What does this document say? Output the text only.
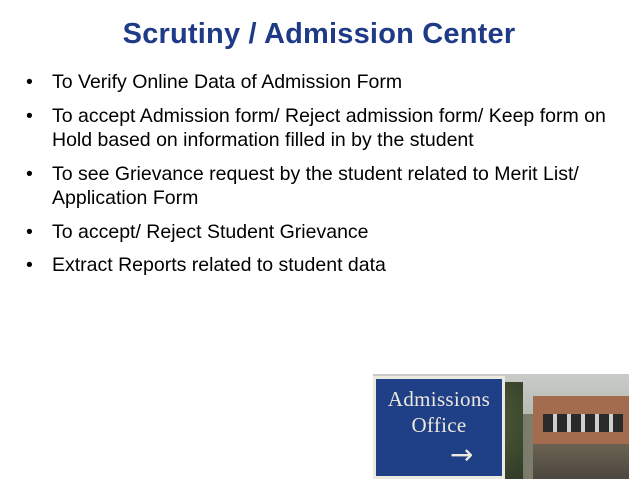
Scrutiny / Admission Center
• To Verify Online Data of Admission Form
• To accept Admission form/ Reject admission form/ Keep form on Hold based on information filled in by the student
• To see Grievance request by the student related to Merit List/ Application Form
• To accept/ Reject Student Grievance
• Extract Reports related to student data
Admissions
Office
→
